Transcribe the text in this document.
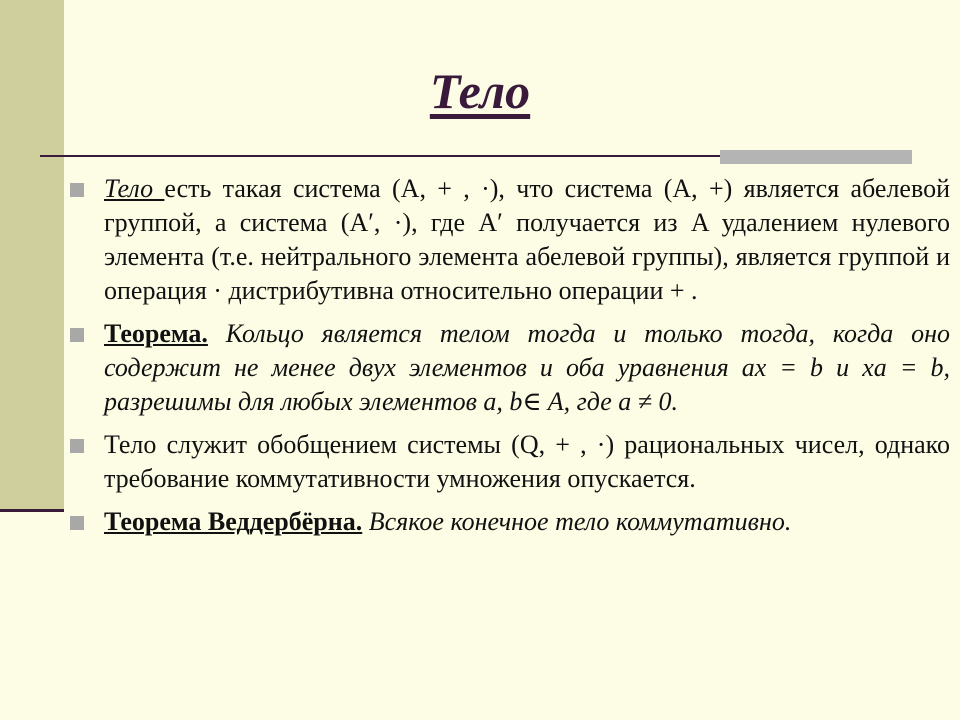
Тело
Тело есть такая система (A, + , ·), что система (A, +) является абелевой группой, а система (A′, ·), где A′ получается из A удалением нулевого элемента (т.е. нейтрального элемента абелевой группы), является группой и операция · дистрибутивна относительно операции + .
Теорема. Кольцо является телом тогда и только тогда, когда оно содержит не менее двух элементов и оба уравнения ax = b и xa = b, разрешимы для любых элементов a, b∈ A, где a ≠ 0.
Тело служит обобщением системы (Q, + , ·) рациональных чисел, однако требование коммутативности умножения опускается.
Теорема Веддербёрна. Всякое конечное тело коммутативно.
